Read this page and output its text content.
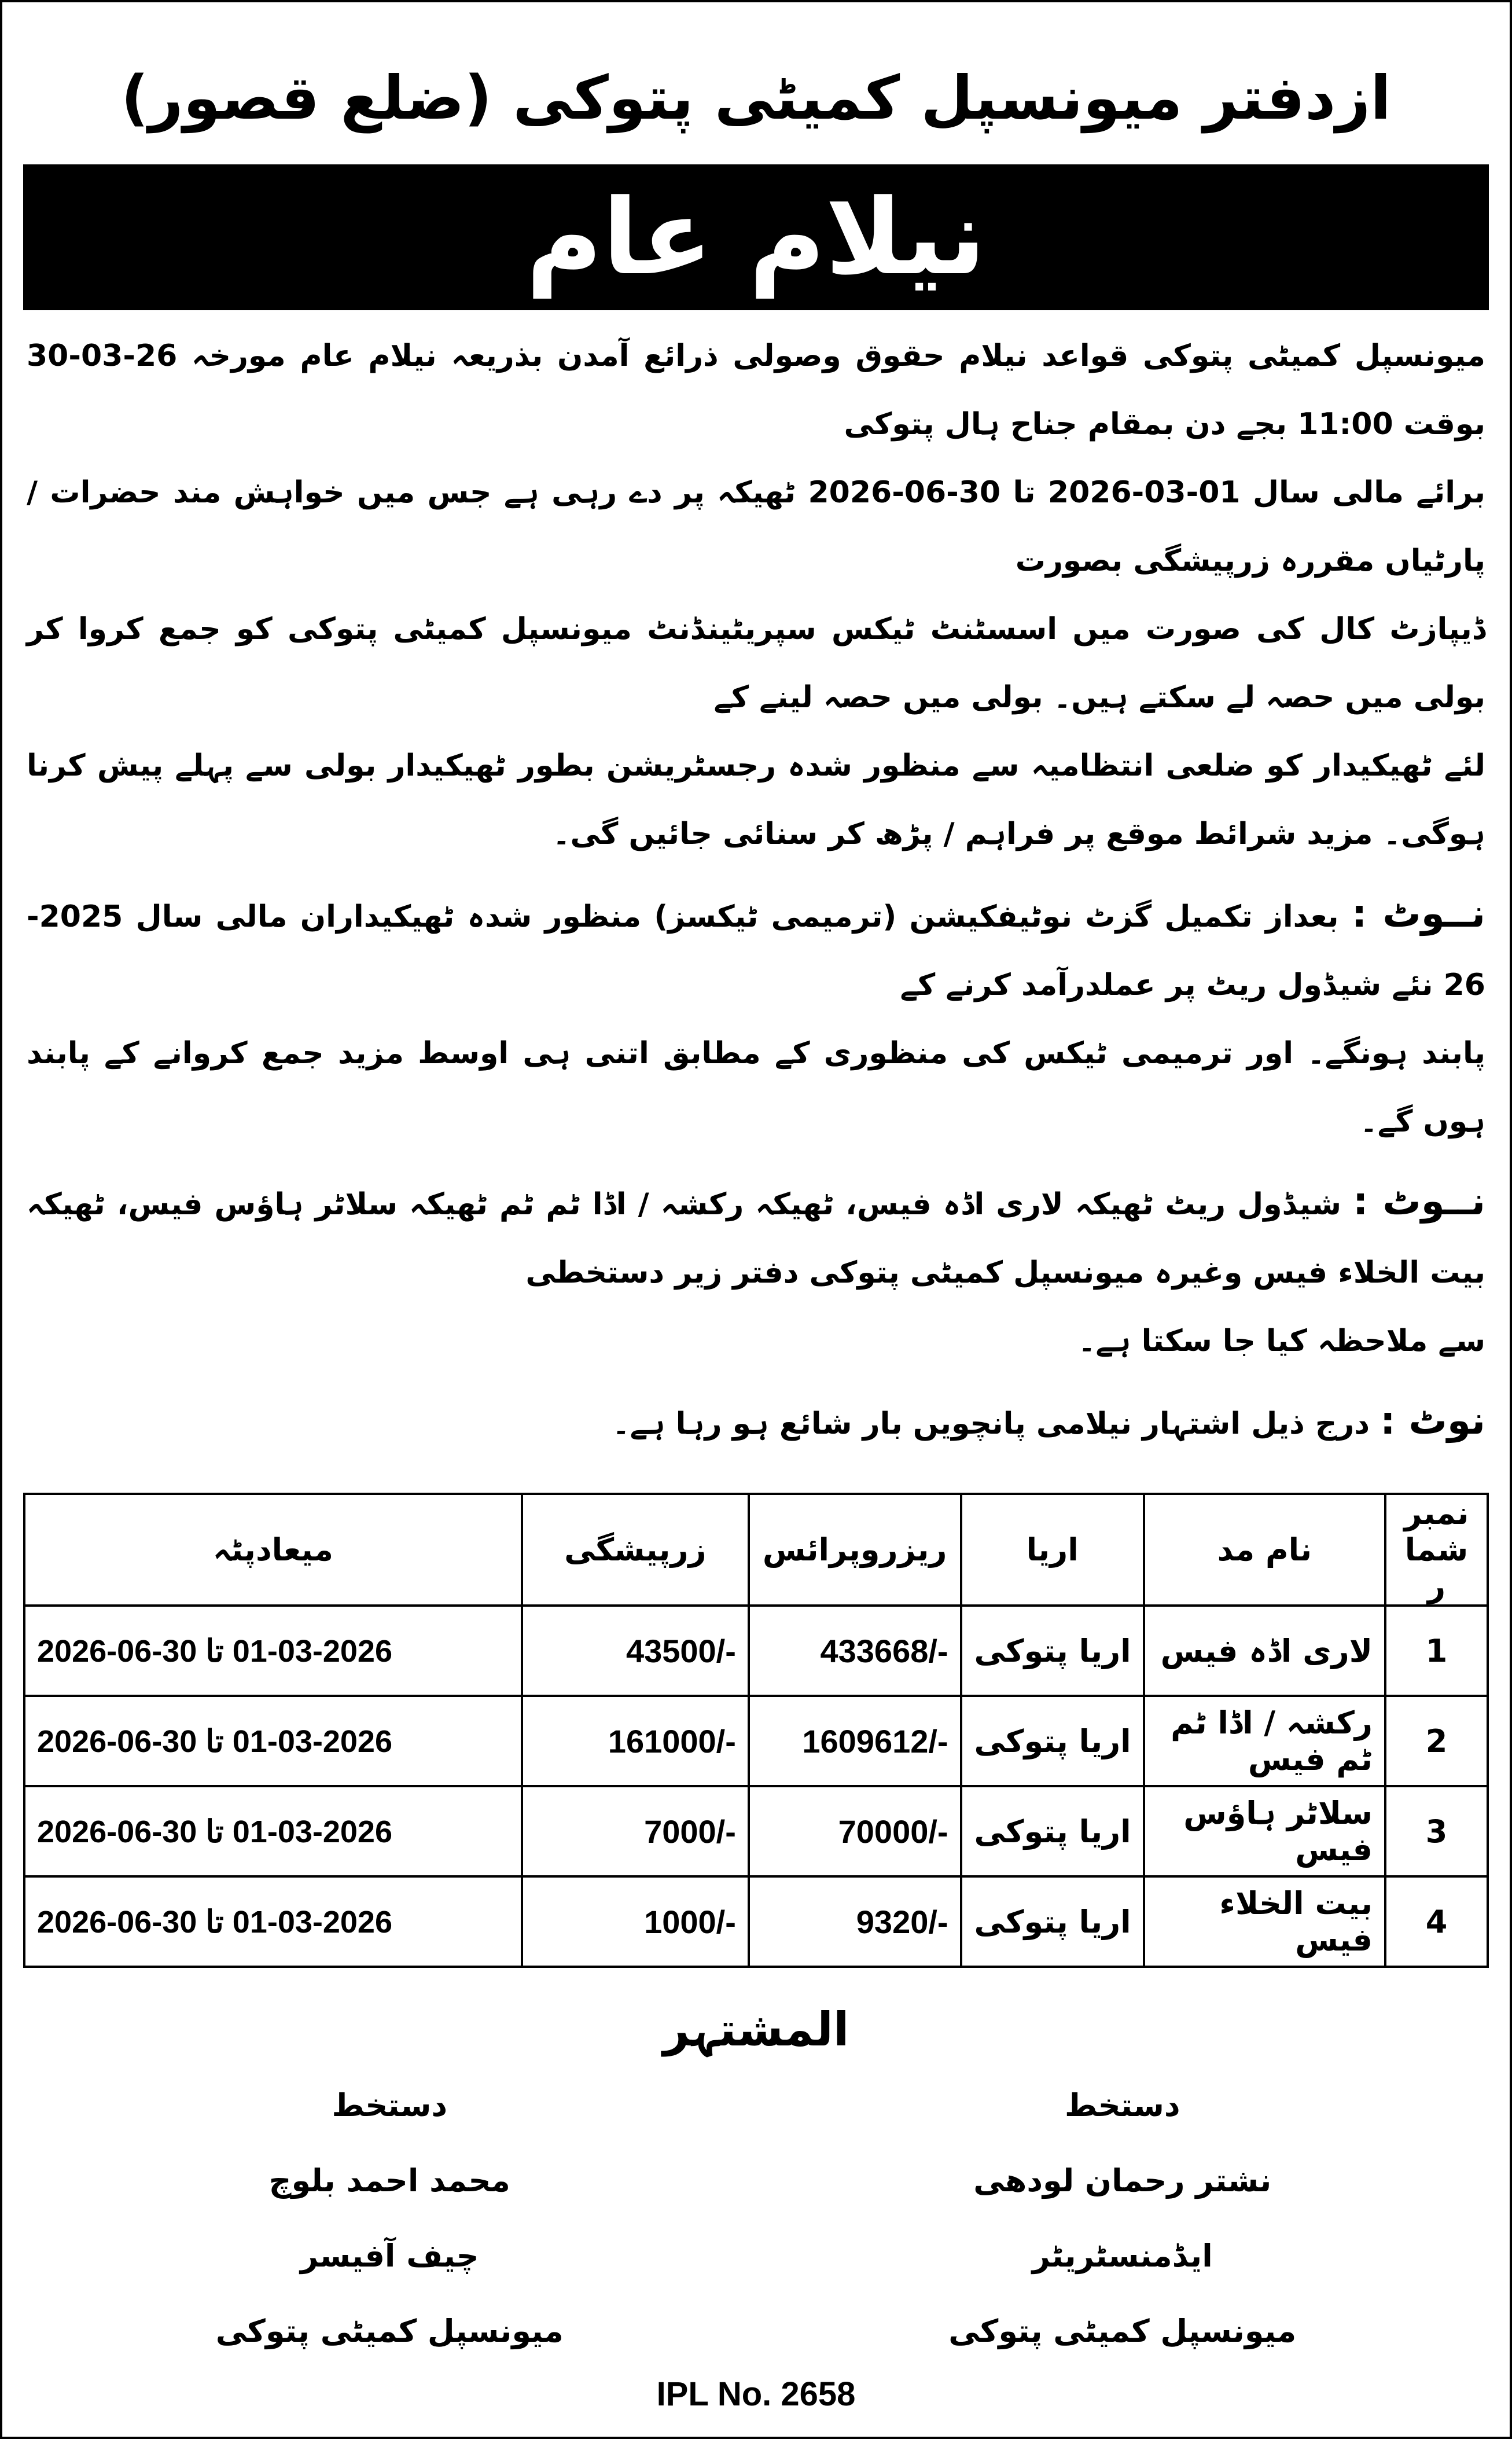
ازدفتر میونسپل کمیٹی پتوکی (ضلع قصور)
نیلام عام
میونسپل کمیٹی پتوکی قواعد نیلام حقوق وصولی ذرائع آمدن بذریعہ نیلام عام مورخہ 26-03-30 بوقت 11:00 بجے دن بمقام جناح ہال پتوکی
برائے مالی سال 01-03-2026 تا 30-06-2026 ٹھیکہ پر دے رہی ہے جس میں خواہش مند حضرات / پارٹیاں مقررہ زرپیشگی بصورت
ڈیپازٹ کال کی صورت میں اسسٹنٹ ٹیکس سپریٹینڈنٹ میونسپل کمیٹی پتوکی کو جمع کروا کر بولی میں حصہ لے سکتے ہیں۔ بولی میں حصہ لینے کے
لئے ٹھیکیدار کو ضلعی انتظامیہ سے منظور شدہ رجسٹریشن بطور ٹھیکیدار بولی سے پہلے پیش کرنا ہوگی۔ مزید شرائط موقع پر فراہم / پڑھ کر سنائی جائیں گی۔
نــوٹ : بعداز تکمیل گزٹ نوٹیفکیشن (ترمیمی ٹیکسز) منظور شدہ ٹھیکیداران مالی سال 2025-26 نئے شیڈول ریٹ پر عملدرآمد کرنے کے
پابند ہونگے۔ اور ترمیمی ٹیکس کی منظوری کے مطابق اتنی ہی اوسط مزید جمع کروانے کے پابند ہوں گے۔
نــوٹ : شیڈول ریٹ ٹھیکہ لاری اڈہ فیس، ٹھیکہ رکشہ / اڈا ٹم ٹم ٹھیکہ سلاٹر ہاؤس فیس، ٹھیکہ بیت الخلاء فیس وغیرہ میونسپل کمیٹی پتوکی دفتر زیر دستخطی
سے ملاحظہ کیا جا سکتا ہے۔
نوٹ : درج ذیل اشتہار نیلامی پانچویں بار شائع ہو رہا ہے۔
نمبرشمار	نام مد	اریا	ریزروپرائس	زرپیشگی	میعادپٹہ
1	لاری اڈہ فیس	اریا پتوکی	433668/-	43500/-	01-03-2026 تا 30-06-2026
2	رکشہ / اڈا ٹم ٹم فیس	اریا پتوکی	1609612/-	161000/-	01-03-2026 تا 30-06-2026
3	سلاٹر ہاؤس فیس	اریا پتوکی	70000/-	7000/-	01-03-2026 تا 30-06-2026
4	بیت الخلاء فیس	اریا پتوکی	9320/-	1000/-	01-03-2026 تا 30-06-2026
المشتہر
دستخط
نشتر رحمان لودھی
ایڈمنسٹریٹر
میونسپل کمیٹی پتوکی
دستخط
محمد احمد بلوچ
چیف آفیسر
میونسپل کمیٹی پتوکی
IPL No. 2658
